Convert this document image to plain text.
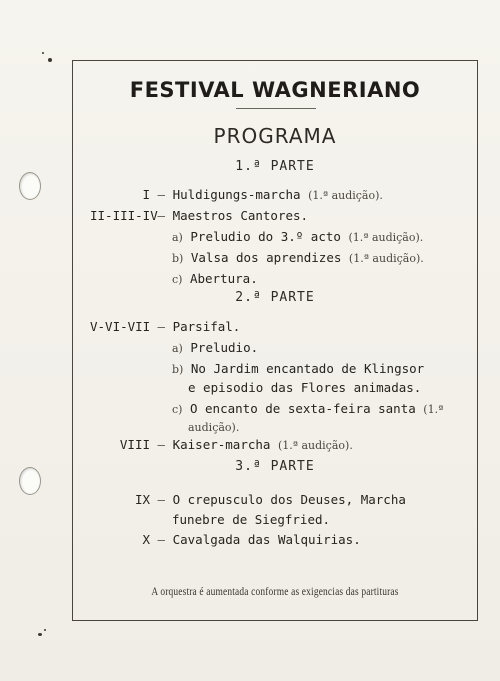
FESTIVAL WAGNERIANO
PROGRAMA
1.ª PARTE
I — Huldigungs-marcha (1.ª audição).
II-III-IV — Maestros Cantores.
a) Preludio do 3.º acto (1.ª audição).
b) Valsa dos aprendizes (1.ª audição).
c) Abertura.
2.ª PARTE
V-VI-VII — Parsifal.
a) Preludio.
b) No Jardim encantado de Klingsor
e episodio das Flores animadas.
c) O encanto de sexta-feira santa (1.ª
audição).
VIII — Kaiser-marcha (1.ª audição).
3.ª PARTE
IX — O crepusculo dos Deuses, Marcha
funebre de Siegfried.
X — Cavalgada das Walquirias.
A orquestra é aumentada conforme as exigencias das partituras
